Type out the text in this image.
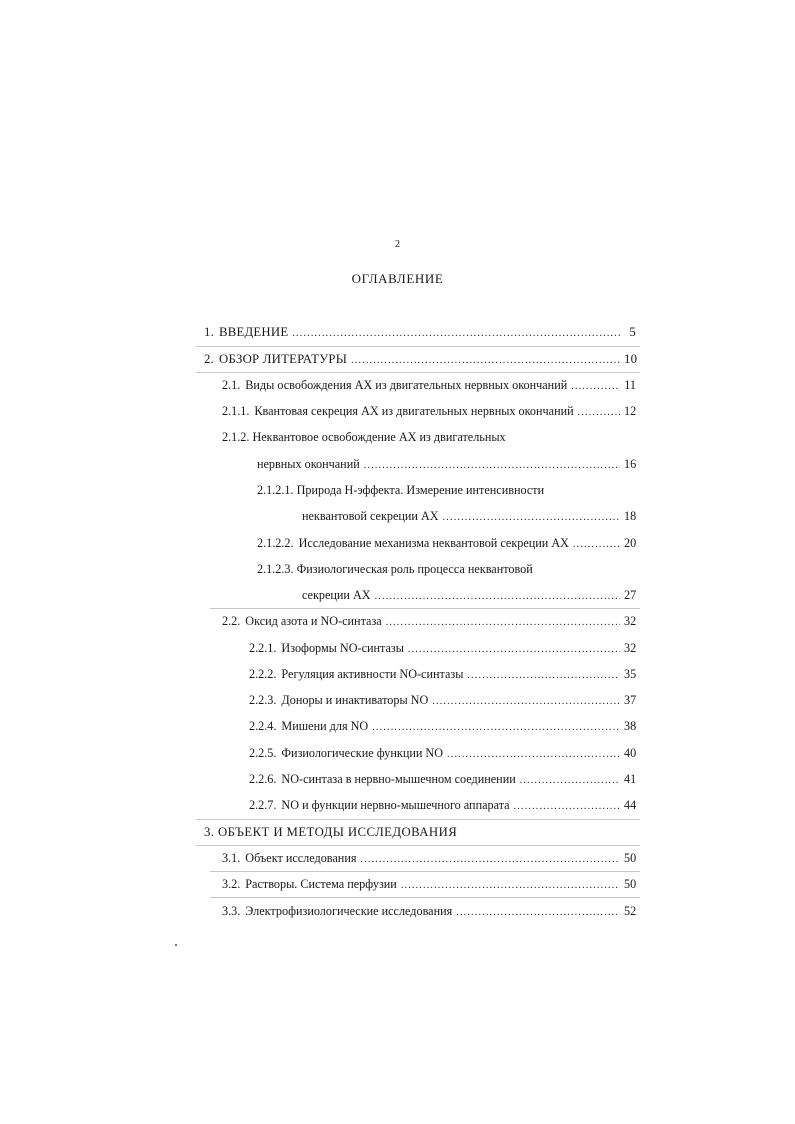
2
ОГЛАВЛЕНИЕ
1. ВВЕДЕНИЕ .....	5
2. ОБЗОР ЛИТЕРАТУРЫ .....	10
2.1. Виды освобождения АХ из двигательных нервных окончаний .....	11
2.1.1. Квантовая секреция АХ из двигательных нервных окончаний .....	12
2.1.2. Неквантовое освобождение АХ из двигательных
нервных окончаний .....	16
2.1.2.1. Природа Н-эффекта. Измерение интенсивности
неквантовой секреции АХ .....	18
2.1.2.2. Исследование механизма неквантовой секреции АХ .....	20
2.1.2.3. Физиологическая роль процесса неквантовой
секреции АХ .....	27
2.2. Оксид азота и NO-синтаза .....	32
2.2.1. Изоформы NO-синтазы .....	32
2.2.2. Регуляция активности NO-синтазы .....	35
2.2.3. Доноры и инактиваторы NO .....	37
2.2.4. Мишени для NO .....	38
2.2.5. Физиологические функции NO .....	40
2.2.6. NO-синтаза в нервно-мышечном соединении .....	41
2.2.7. NO и функции нервно-мышечного аппарата .....	44
3. ОБЪЕКТ И МЕТОДЫ ИССЛЕДОВАНИЯ
3.1. Объект исследования .....	50
3.2. Растворы. Система перфузии .....	50
3.3. Электрофизиологические исследования .....	52
